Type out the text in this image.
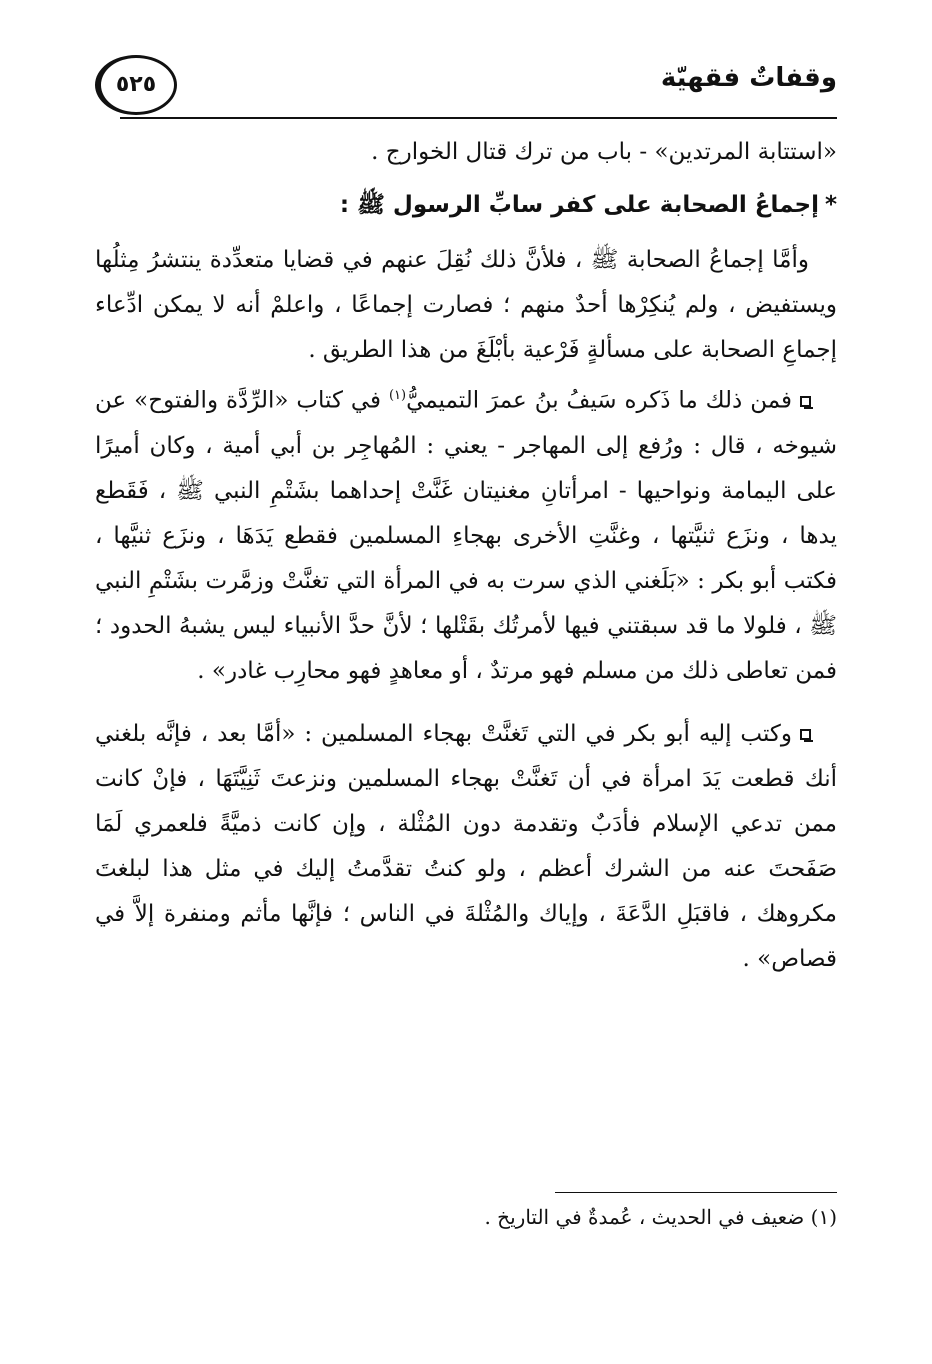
وقفاتٌ فقهيّة
٥٢٥

«استتابة المرتدين» - باب من ترك قتال الخوارج .

*إجماعُ الصحابة على كفر سابِّ الرسول ﷺ :

وأمَّا إجماعُ الصحابة ﷺ ، فلأنَّ ذلك نُقِلَ عنهم في قضايا متعدِّدة ينتشرُ مِثلُها ويستفيض ، ولم يُنكِرْها أحدٌ منهم ؛ فصارت إجماعًا ، واعلمْ أنه لا يمكن ادِّعاء إجماعِ الصحابة على مسألةٍ فَرْعية بأبْلَغَ من هذا الطريق .

فمن ذلك ما ذَكره سَيفُ بنُ عمرَ التميميُّ$^{(١)}$ في كتاب «الرِّدَّة والفتوح» عن شيوخه ، قال : ورُفع إلى المهاجر - يعني : المُهاجِر بن أبي أمية ، وكان أميرًا على اليمامة ونواحيها - امرأتانِ مغنيتان غَنَّتْ إحداهما بشَتْمِ النبي ﷺ ، فَقَطع يدها ، ونزَع ثنيَّتها ، وغنَّتِ الأخرى بهجاءِ المسلمين فقطع يَدَهَا ، ونزَع ثنيَّها ، فكتب أبو بكر : «بَلَغني الذي سرت به في المرأة التي تغنَّتْ وزمَّرت بشَتْمِ النبي ﷺ ، فلولا ما قد سبقتني فيها لأمرتُك بقَتْلها ؛ لأنَّ حدَّ الأنبياء ليس يشبهُ الحدود ؛ فمن تعاطى ذلك من مسلم فهو مرتدٌ ، أو معاهدٍ فهو محارِب غادر» .

وكتب إليه أبو بكر في التي تَغنَّتْ بهجاء المسلمين : «أمَّا بعد ، فإنَّه بلغني أنك قطعت يَدَ امرأة في أن تَغنَّتْ بهجاء المسلمين ونزعتَ ثَنِيَّتَهَا ، فإنْ كانت ممن تدعي الإسلام فأدَبٌ وتقدمة دون المُثْلة ، وإن كانت ذميَّةً فلعمري لَمَا صَفَحتَ عنه من الشرك أعظم ، ولو كنتُ تقدَّمتُ إليك في مثل هذا لبلغتَ مكروهك ، فاقبَلِ الدَّعَةَ ، وإياك والمُثْلةَ في الناس ؛ فإنَّها مأثم ومنفرة إلاَّ في قصاص» .

(١) ضعيف في الحديث ، عُمدةٌ في التاريخ .
